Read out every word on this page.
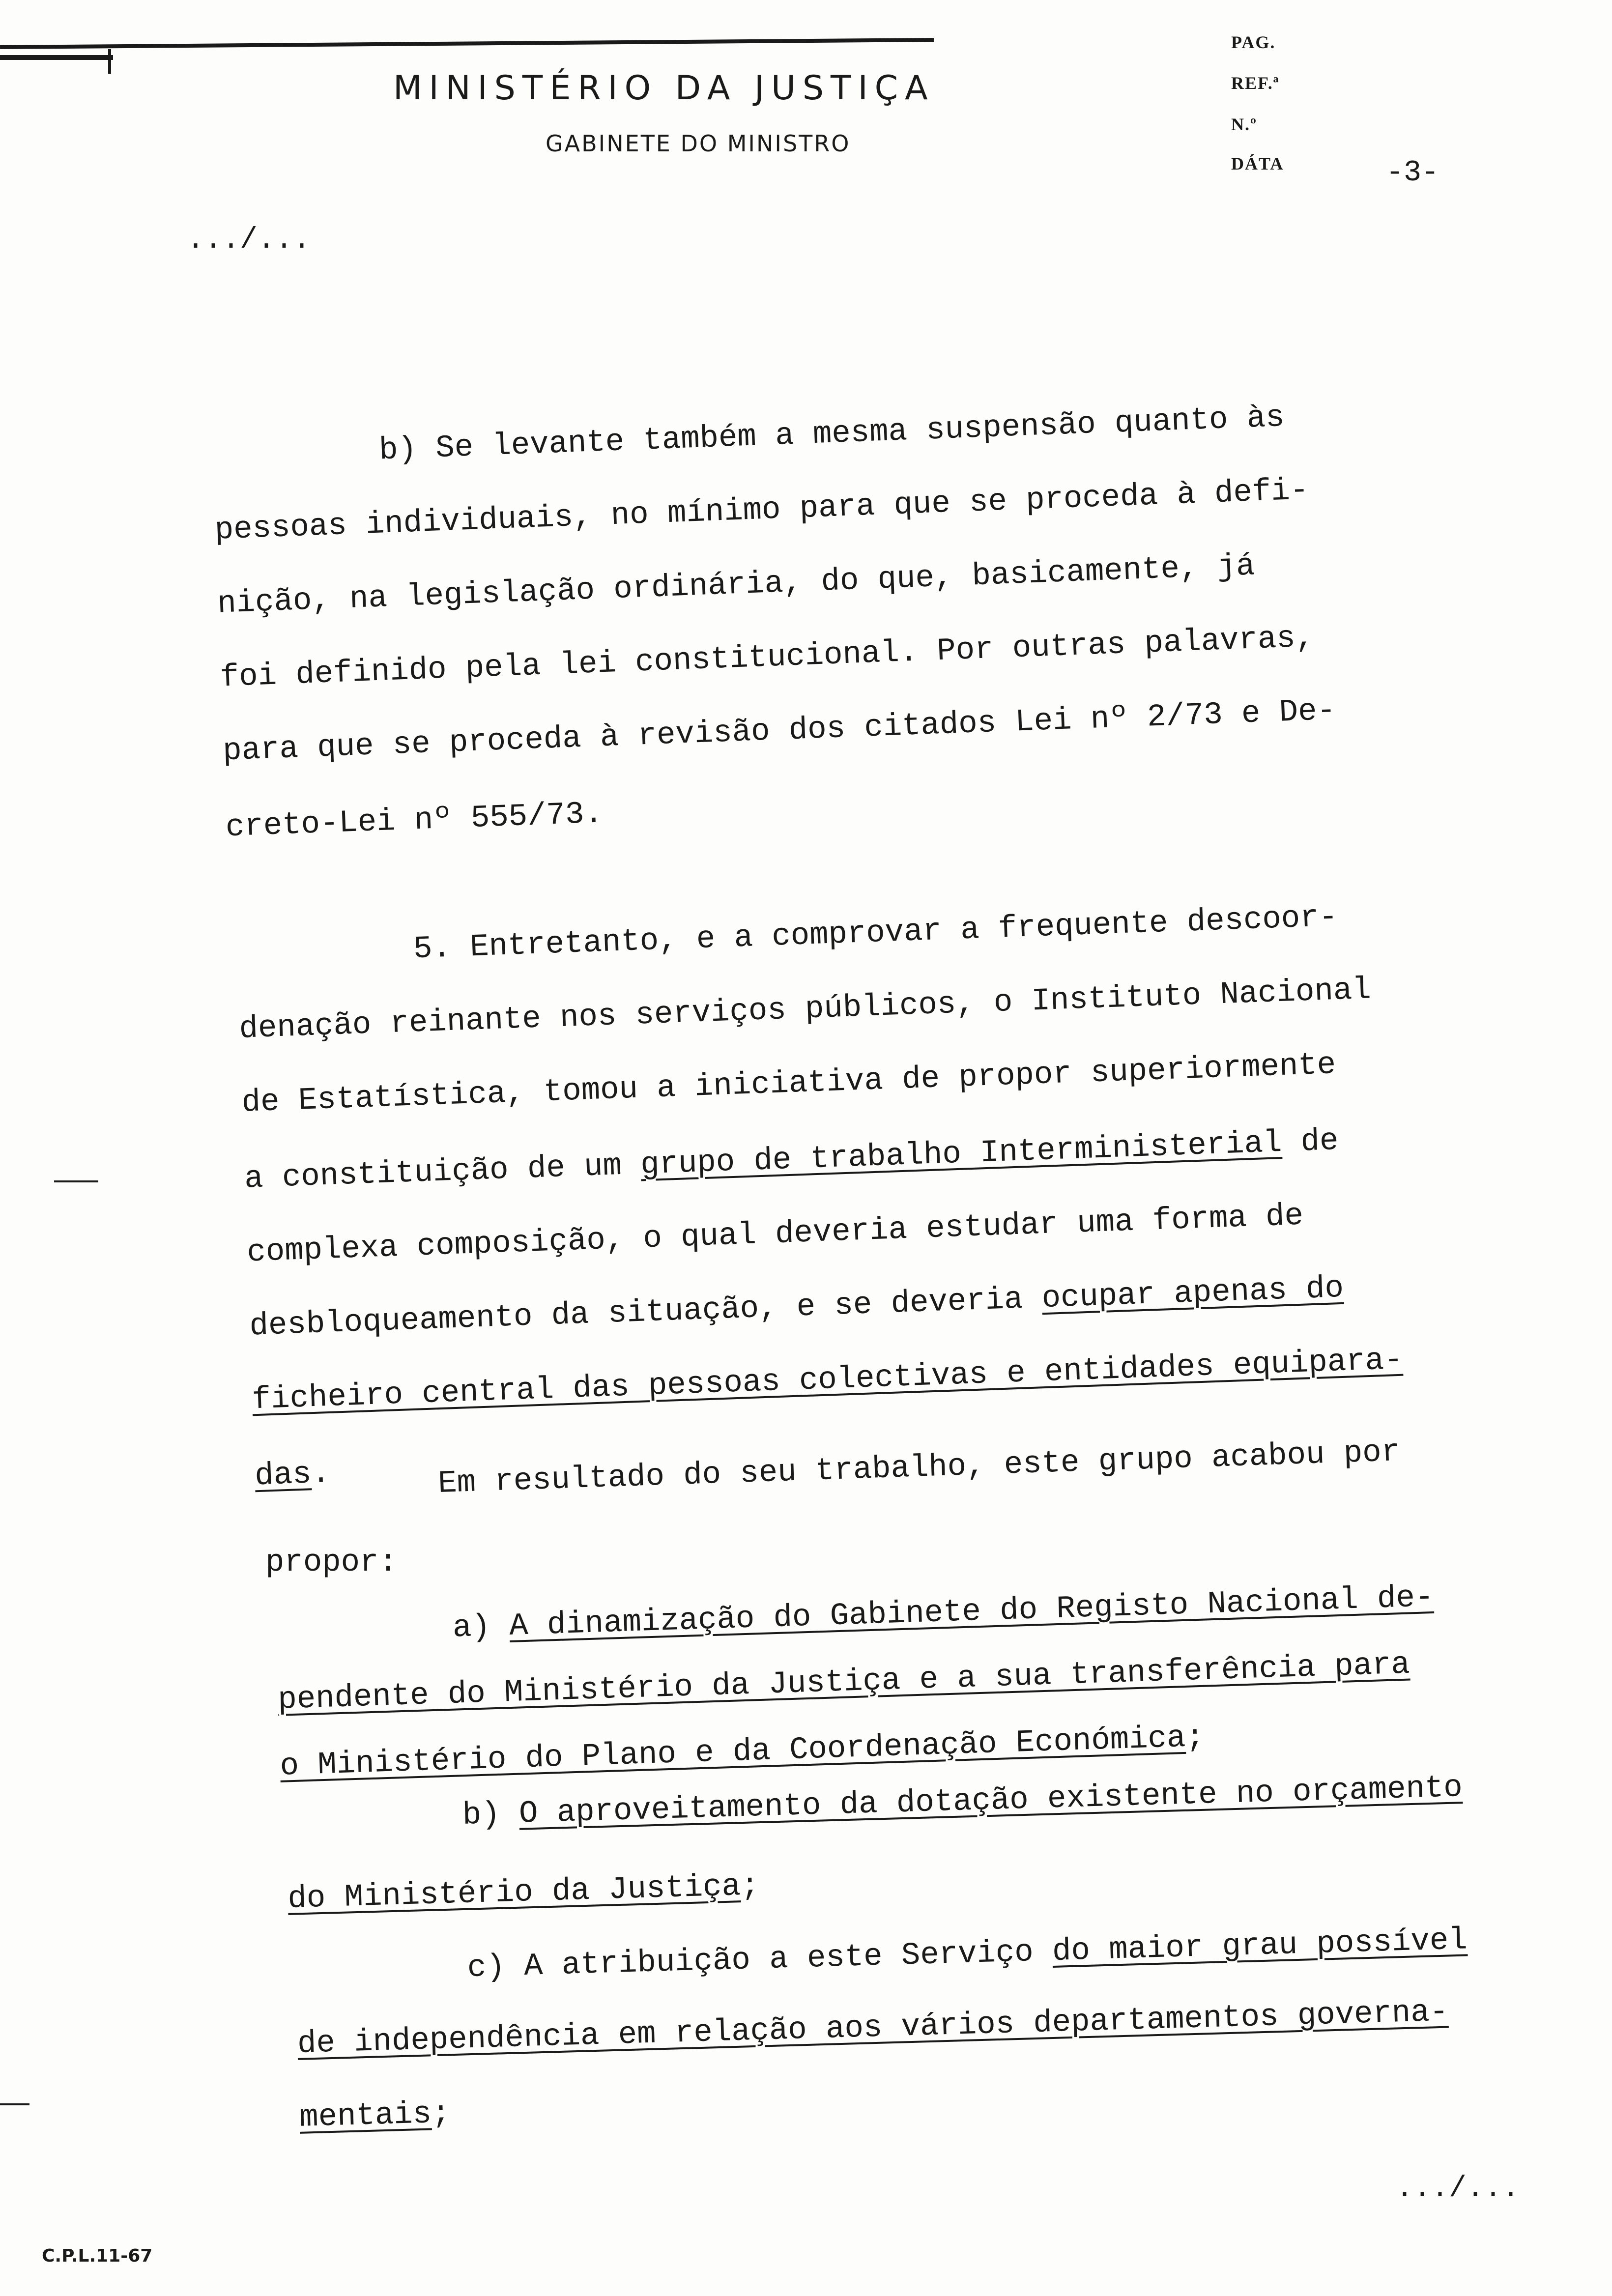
MINISTÉRIO DA JUSTIÇA
GABINETE DO MINISTRO
PAG.
REF.ª
N.º
DÁTA	-3-
.../...
b) Se levante também a mesma suspensão quanto às
pessoas individuais, no mínimo para que se proceda à defi-
nição, na legislação ordinária, do que, basicamente, já
foi definido pela lei constitucional. Por outras palavras,
para que se proceda à revisão dos citados Lei nº 2/73 e De-
creto-Lei nº 555/73.
5. Entretanto, e a comprovar a frequente descoor-
denação reinante nos serviços públicos, o Instituto Nacional
de Estatística, tomou a iniciativa de propor superiormente
a constituição de um grupo de trabalho Interministerial de
complexa composição, o qual deveria estudar uma forma de
desbloqueamento da situação, e se deveria ocupar apenas do
ficheiro central das pessoas colectivas e entidades equipara-
das.	Em resultado do seu trabalho, este grupo acabou por
propor:
a) A dinamização do Gabinete do Registo Nacional de-
pendente do Ministério da Justiça e a sua transferência para
o Ministério do Plano e da Coordenação Económica;
b) O aproveitamento da dotação existente no orçamento
do Ministério da Justiça;
c) A atribuição a este Serviço do maior grau possível
de independência em relação aos vários departamentos governa-
mentais;
.../...
C.P.L.11-67
